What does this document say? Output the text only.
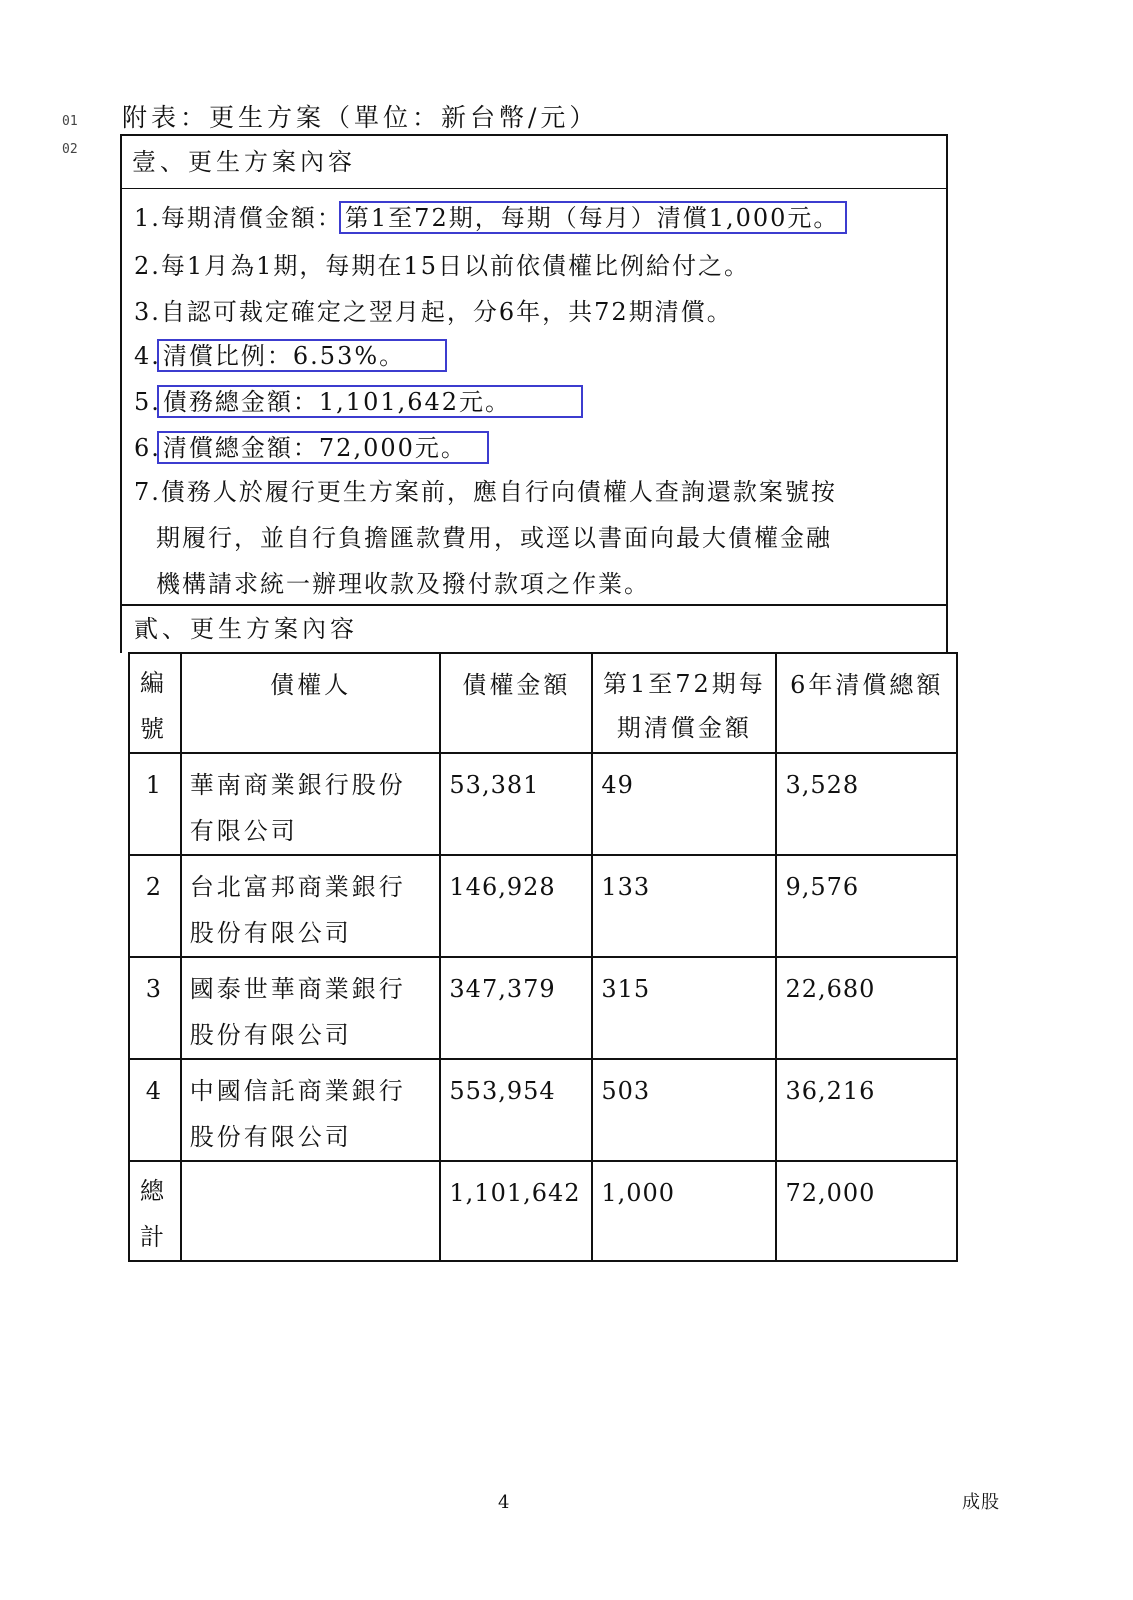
01
02
附表：更生方案（單位：新台幣/元）
壹、更生方案內容
1.每期清償金額：第1至72期，每期（每月）清償1,000元。
2.每1月為1期，每期在15日以前依債權比例給付之。
3.自認可裁定確定之翌月起，分6年，共72期清償。
4.清償比例：6.53%。
5.債務總金額：1,101,642元。
6.清償總金額：72,000元。
7.債務人於履行更生方案前，應自行向債權人查詢還款案號按
期履行，並自行負擔匯款費用，或逕以書面向最大債權金融
機構請求統一辦理收款及撥付款項之作業。
貳、更生方案內容
編號	債權人	債權金額	第1至72期每期清償金額	6年清償總額
1	華南商業銀行股份有限公司	53,381	49	3,528
2	台北富邦商業銀行股份有限公司	146,928	133	9,576
3	國泰世華商業銀行股份有限公司	347,379	315	22,680
4	中國信託商業銀行股份有限公司	553,954	503	36,216
總計		1,101,642	1,000	72,000
4	成股
